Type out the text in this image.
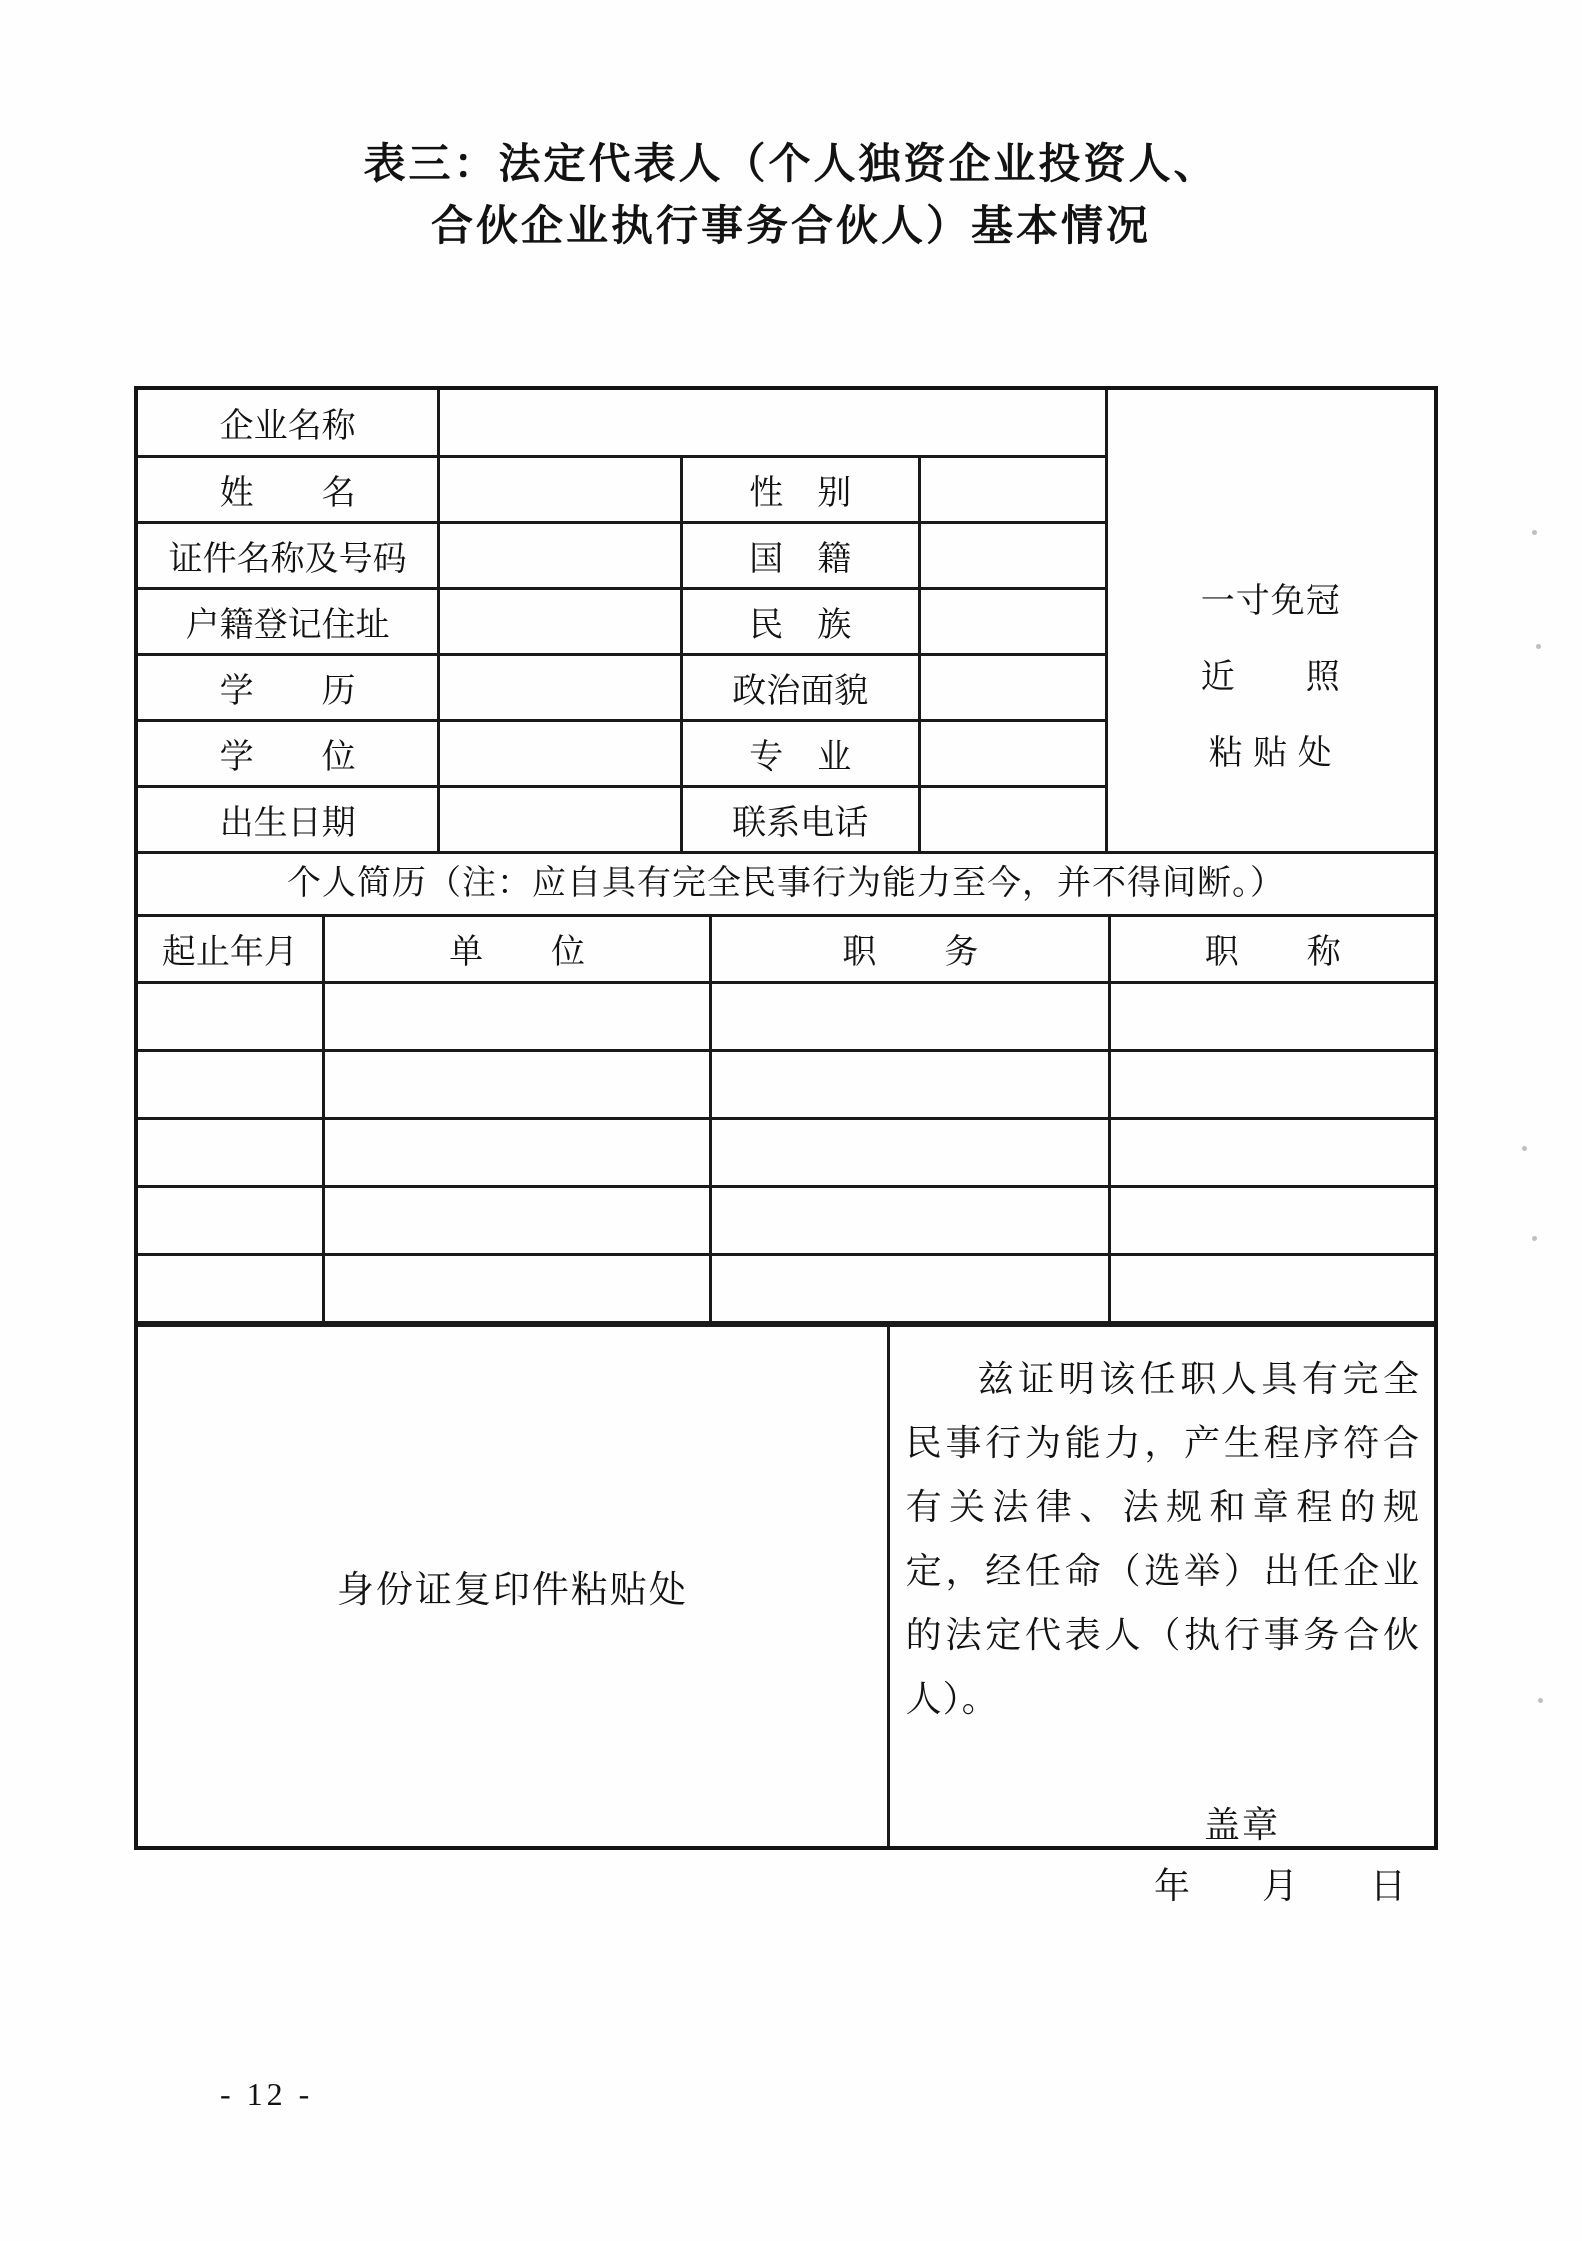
表三：法定代表人（个人独资企业投资人、
合伙企业执行事务合伙人）基本情况
企业名称				一寸免冠
近　　照
粘 贴 处

姓　　名		性　别		
证件名称及号码		国　籍		
户籍登记住址		民　族		
学　　历		政治面貌		
学　　位		专　业		
出生日期		联系电话		
个人简历（注：应自具有完全民事行为能力至今，并不得间断。）
起止年月	单　　位	职　　务	职　　称

身份证复印件粘贴处
兹证明该任职人具有完全民事行为能力，产生程序符合有关法律、法规和章程的规定，经任命（选举）出任企业的法定代表人（执行事务合伙人）。
盖章
年　　月　　日
- 12 -
